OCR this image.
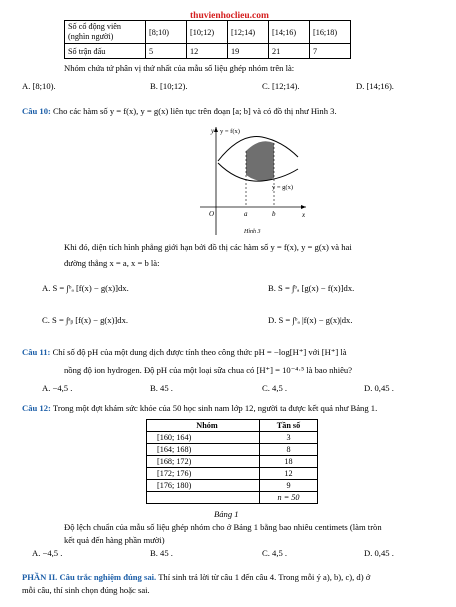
thuvienhoclieu.com
Số cổ động viên (nghìn người)	[8;10)	[10;12)	[12;14)	[14;16)	[16;18)
Số trận đấu	5	12	19	21	7
Nhóm chứa tứ phân vị thứ nhất của mẫu số liệu ghép nhóm trên là:
A. [8;10).	B. [10;12).	C. [12;14).	D. [14;16).
Câu 10: Cho các hàm số y = f(x), y = g(x) liên tục trên đoạn [a; b] và có đồ thị như Hình 3.
y
x
y = f(x)
y = g(x)
O	a	b
Hình 3
Khi đó, diện tích hình phẳng giới hạn bởi đồ thị các hàm số y = f(x), y = g(x) và hai
đường thẳng x = a, x = b là:
A. S = ∫ᵇₐ [f(x) − g(x)]dx.	B. S = ∫ᵇₐ [g(x) − f(x)]dx.
C. S = ∫ᵃᵦ [f(x) − g(x)]dx.	D. S = ∫ᵇₐ |f(x) − g(x)|dx.
Câu 11: Chỉ số độ pH của một dung dịch được tính theo công thức pH = −log[H⁺] với [H⁺] là
nồng độ ion hydrogen. Độ pH của một loại sữa chua có [H⁺] = 10⁻⁴·⁵ là bao nhiêu?
A. −4,5 .	B. 45 .	C. 4,5 .	D. 0,45 .
Câu 12: Trong một đợt khám sức khỏe của 50 học sinh nam lớp 12, người ta được kết quả như Bảng 1.
Nhóm	Tần số
[160; 164)	3
[164; 168)	8
[168; 172)	18
[172; 176)	12
[176; 180)	9
	n = 50
Bảng 1
Độ lệch chuẩn của mẫu số liệu ghép nhóm cho ở Bảng 1 bằng bao nhiêu centimets (làm tròn
kết quả đến hàng phần mười)
A. −4,5 .	B. 45 .	C. 4,5 .	D. 0,45 .
PHẦN II. Câu trắc nghiệm đúng sai. Thí sinh trả lời từ câu 1 đến câu 4. Trong mỗi ý a), b), c), d) ở
mỗi câu, thí sinh chọn đúng hoặc sai.
